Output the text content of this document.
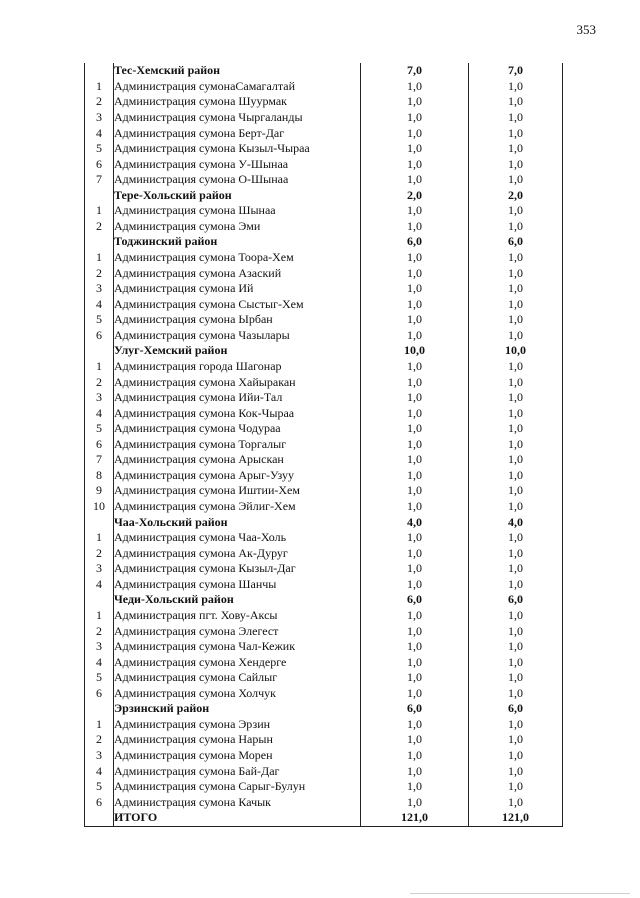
353
	Тес-Хемский район	7,0	7,0
1	Администрация сумонаСамагалтай	1,0	1,0
2	Администрация сумона Шуурмак	1,0	1,0
3	Администрация сумона Чыргаланды	1,0	1,0
4	Администрация сумона Берт-Даг	1,0	1,0
5	Администрация сумона Кызыл-Чыраа	1,0	1,0
6	Администрация сумона У-Шынаа	1,0	1,0
7	Администрация сумона О-Шынаа	1,0	1,0
	Тере-Хольский район	2,0	2,0
1	Администрация сумона Шынаа	1,0	1,0
2	Администрация сумона Эми	1,0	1,0
	Тоджинский район	6,0	6,0
1	Администрация сумона Тоора-Хем	1,0	1,0
2	Администрация сумона Азаский	1,0	1,0
3	Администрация сумона Ий	1,0	1,0
4	Администрация сумона Сыстыг-Хем	1,0	1,0
5	Администрация сумона Ырбан	1,0	1,0
6	Администрация сумона Чазылары	1,0	1,0
	Улуг-Хемский район	10,0	10,0
1	Администрация города Шагонар	1,0	1,0
2	Администрация сумона Хайыракан	1,0	1,0
3	Администрация сумона Ийи-Тал	1,0	1,0
4	Администрация сумона Кок-Чыраа	1,0	1,0
5	Администрация сумона Чодураа	1,0	1,0
6	Администрация сумона Торгалыг	1,0	1,0
7	Администрация сумона Арыскан	1,0	1,0
8	Администрация сумона Арыг-Узуу	1,0	1,0
9	Администрация сумона Иштии-Хем	1,0	1,0
10	Администрация сумона Эйлиг-Хем	1,0	1,0
	Чаа-Хольский район	4,0	4,0
1	Администрация сумона Чаа-Холь	1,0	1,0
2	Администрация сумона Ак-Дуруг	1,0	1,0
3	Администрация сумона Кызыл-Даг	1,0	1,0
4	Администрация сумона Шанчы	1,0	1,0
	Чеди-Хольский район	6,0	6,0
1	Администрация пгт. Хову-Аксы	1,0	1,0
2	Администрация сумона Элегест	1,0	1,0
3	Администрация сумона Чал-Кежик	1,0	1,0
4	Администрация сумона Хендерге	1,0	1,0
5	Администрация сумона Сайлыг	1,0	1,0
6	Администрация сумона Холчук	1,0	1,0
	Эрзинский район	6,0	6,0
1	Администрация сумона Эрзин	1,0	1,0
2	Администрация сумона Нарын	1,0	1,0
3	Администрация сумона Морен	1,0	1,0
4	Администрация сумона Бай-Даг	1,0	1,0
5	Администрация сумона Сарыг-Булун	1,0	1,0
6	Администрация сумона Качык	1,0	1,0
	ИТОГО	121,0	121,0
